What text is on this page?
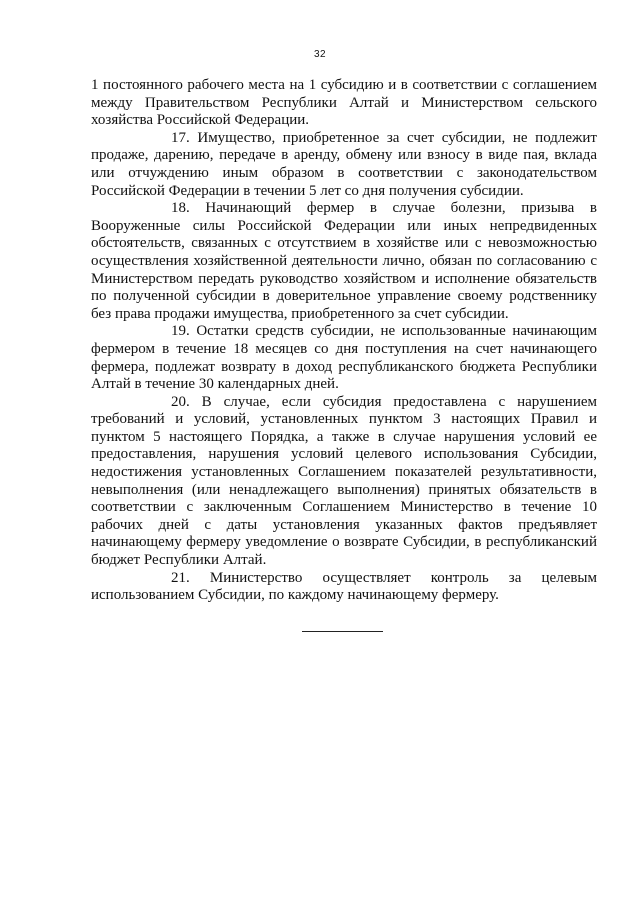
32

1 постоянного рабочего места на 1 субсидию и в соответствии с соглашением между Правительством Республики Алтай и Министерством сельского хозяйства Российской Федерации.

17. Имущество, приобретенное за счет субсидии, не подлежит продаже, дарению, передаче в аренду, обмену или взносу в виде пая, вклада или отчуждению иным образом в соответствии с законодательством Российской Федерации в течении 5 лет со дня получения субсидии.

18. Начинающий фермер в случае болезни, призыва в Вооруженные силы Российской Федерации или иных непредвиденных обстоятельств, связанных с отсутствием в хозяйстве или с невозможностью осуществления хозяйственной деятельности лично, обязан по согласованию с Министерством передать руководство хозяйством и исполнение обязательств по полученной субсидии в доверительное управление своему родственнику без права продажи имущества, приобретенного за счет субсидии.

19. Остатки средств субсидии, не использованные начинающим фермером в течение 18 месяцев со дня поступления на счет начинающего фермера, подлежат возврату в доход республиканского бюджета Республики Алтай в течение 30 календарных дней.

20. В случае, если субсидия предоставлена с нарушением требований и условий, установленных пунктом 3 настоящих Правил и пунктом 5 настоящего Порядка, а также в случае нарушения условий ее предоставления, нарушения условий целевого использования Субсидии, недостижения установленных Соглашением показателей результативности, невыполнения (или ненадлежащего выполнения) принятых обязательств в соответствии с заключенным Соглашением Министерство в течение 10 рабочих дней с даты установления указанных фактов предъявляет начинающему фермеру уведомление о возврате Субсидии, в республиканский бюджет Республики Алтай.

21. Министерство осуществляет контроль за целевым использованием Субсидии, по каждому начинающему фермеру.
